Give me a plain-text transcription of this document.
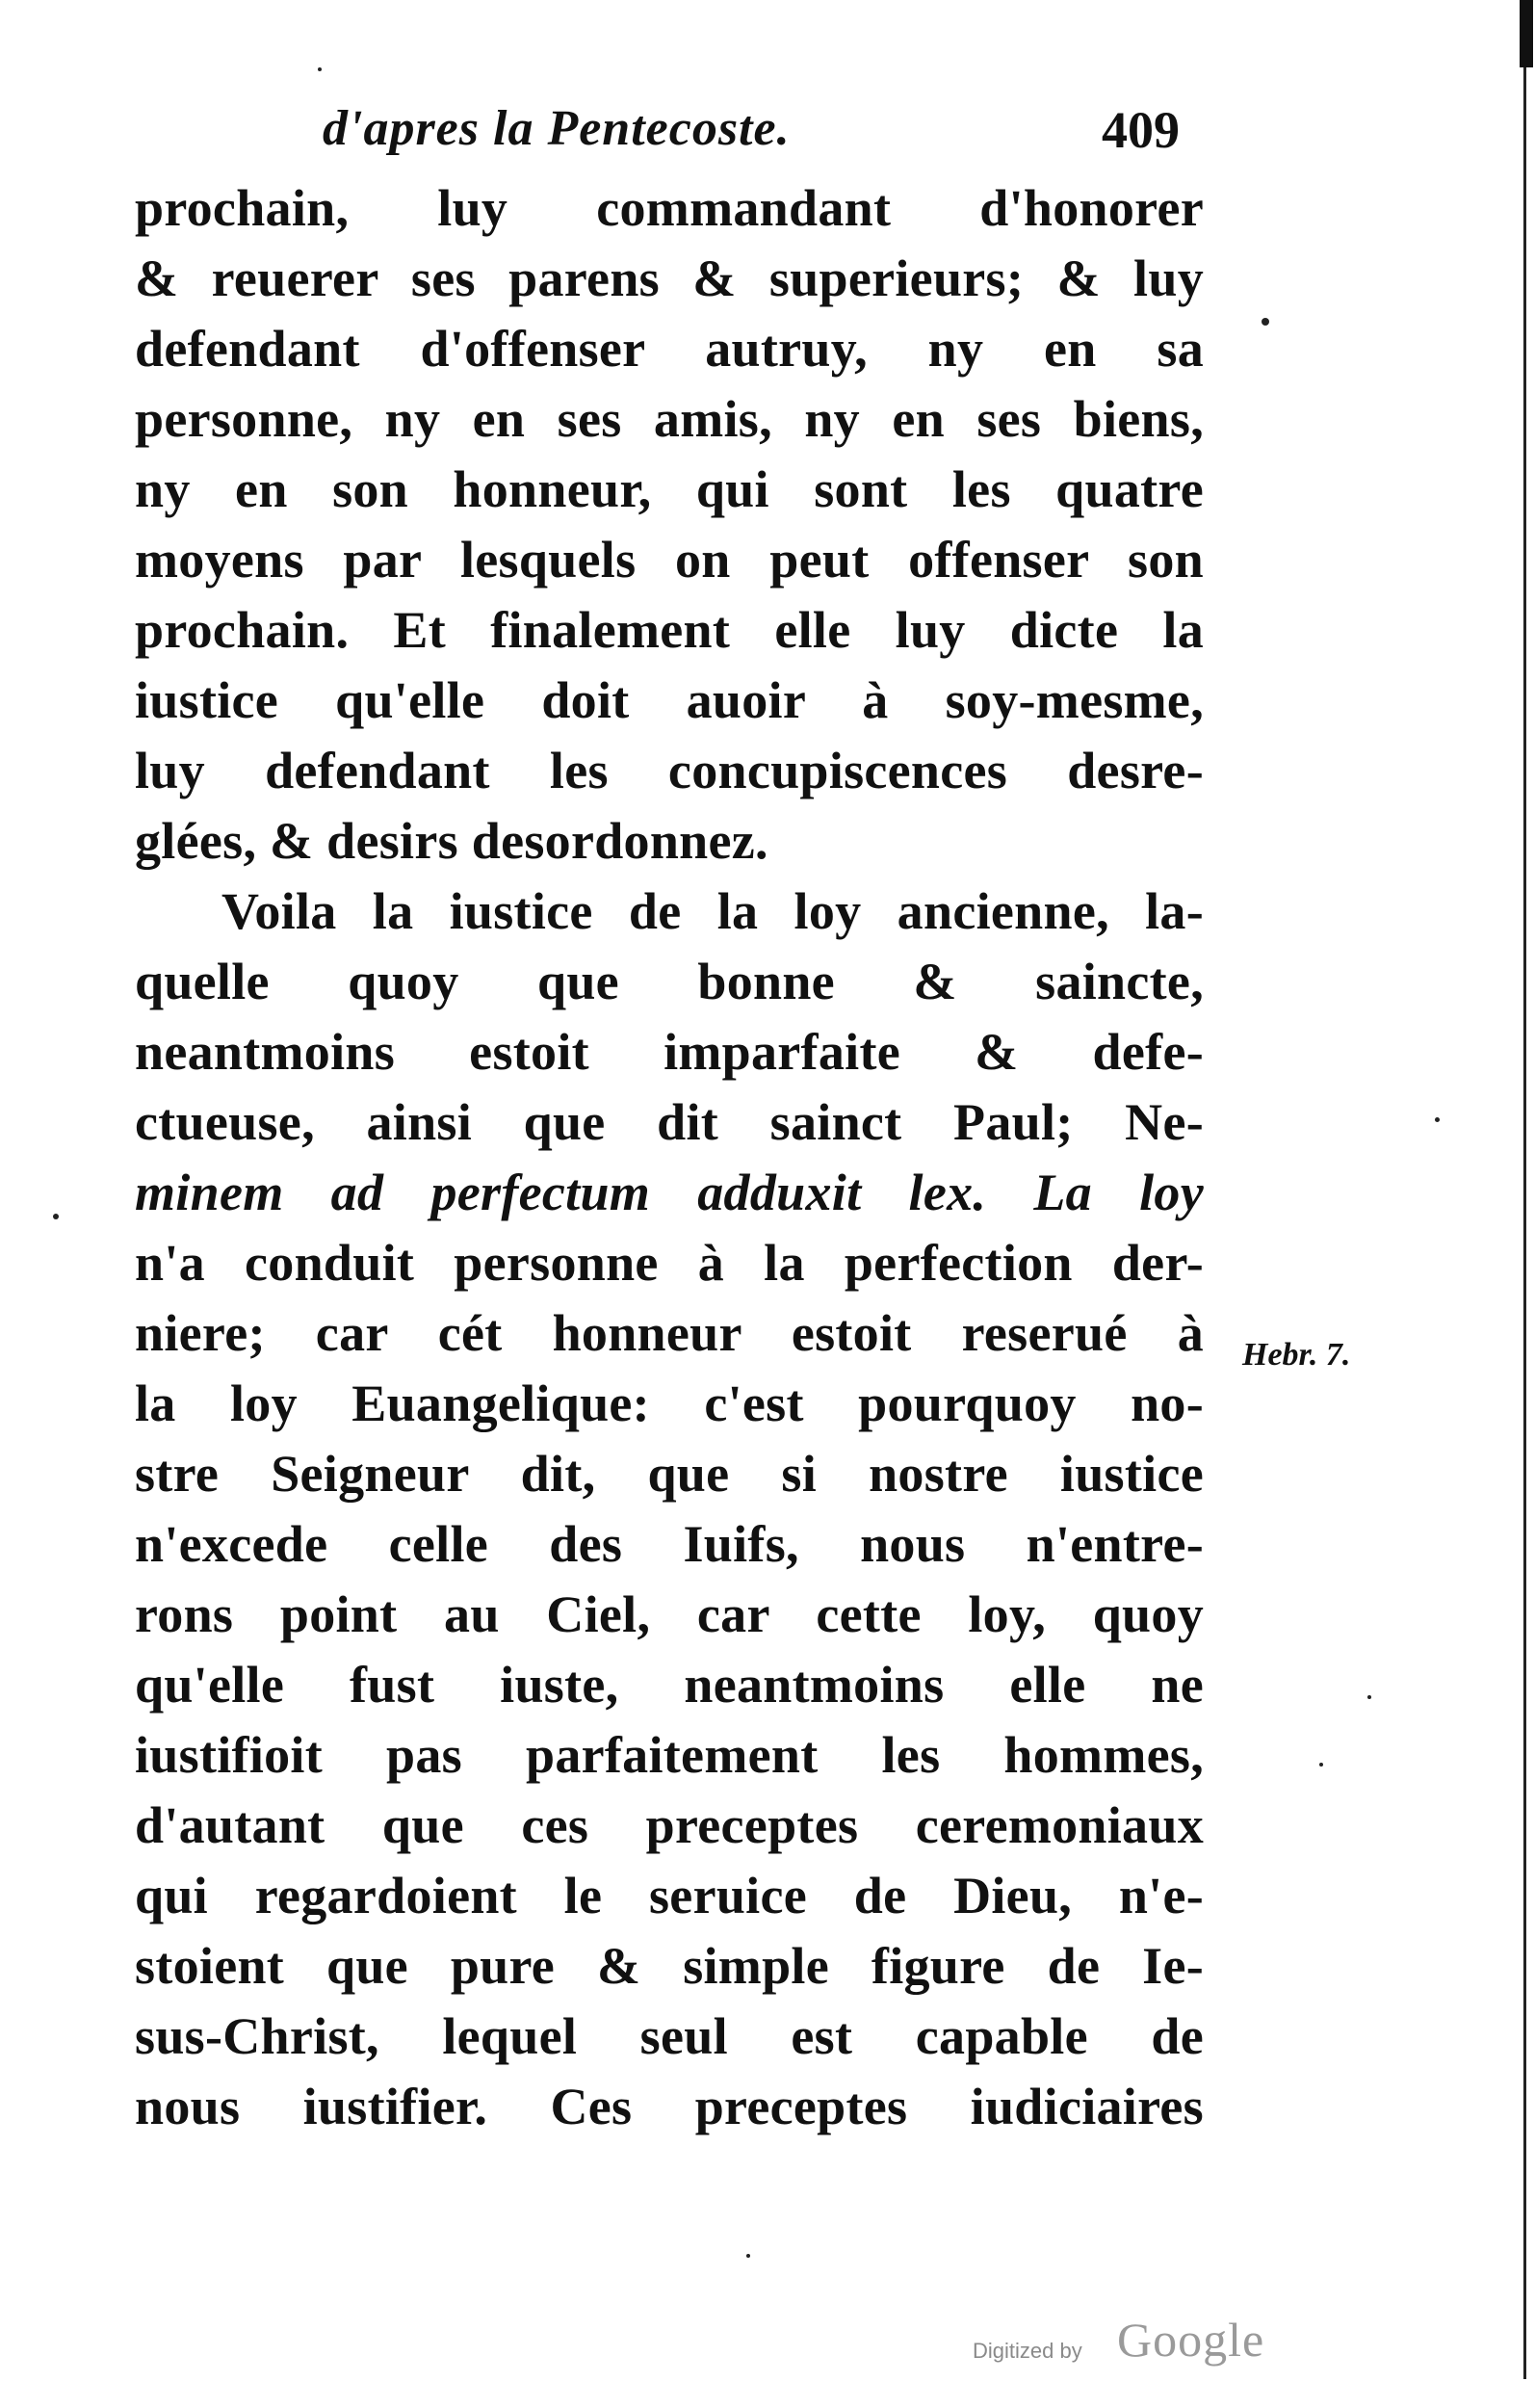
d'apres la Pentecoste.	409
prochain, luy commandant d'honorer
& reuerer ses parens & superieurs; & luy
defendant d'offenser autruy, ny en sa
personne, ny en ses amis, ny en ses biens,
ny en son honneur, qui sont les quatre
moyens par lesquels on peut offenser son
prochain. Et finalement elle luy dicte la
iustice qu'elle doit auoir à soy-mesme,
luy defendant les concupiscences desre-
glées, & desirs desordonnez.
Voila la iustice de la loy ancienne, la-
quelle quoy que bonne & saincte,
neantmoins estoit imparfaite & defe-
ctueuse, ainsi que dit sainct Paul; Ne-
minem ad perfectum adduxit lex. La loy
n'a conduit personne à la perfection der-
niere; car cét honneur estoit reserué à
la loy Euangelique: c'est pourquoy no-
stre Seigneur dit, que si nostre iustice
n'excede celle des Iuifs, nous n'entre-
rons point au Ciel, car cette loy, quoy
qu'elle fust iuste, neantmoins elle ne
iustifioit pas parfaitement les hommes,
d'autant que ces preceptes ceremoniaux
qui regardoient le seruice de Dieu, n'e-
stoient que pure & simple figure de Ie-
sus-Christ, lequel seul est capable de
nous iustifier. Ces preceptes iudiciaires
Hebr. 7.
Digitized by Google
